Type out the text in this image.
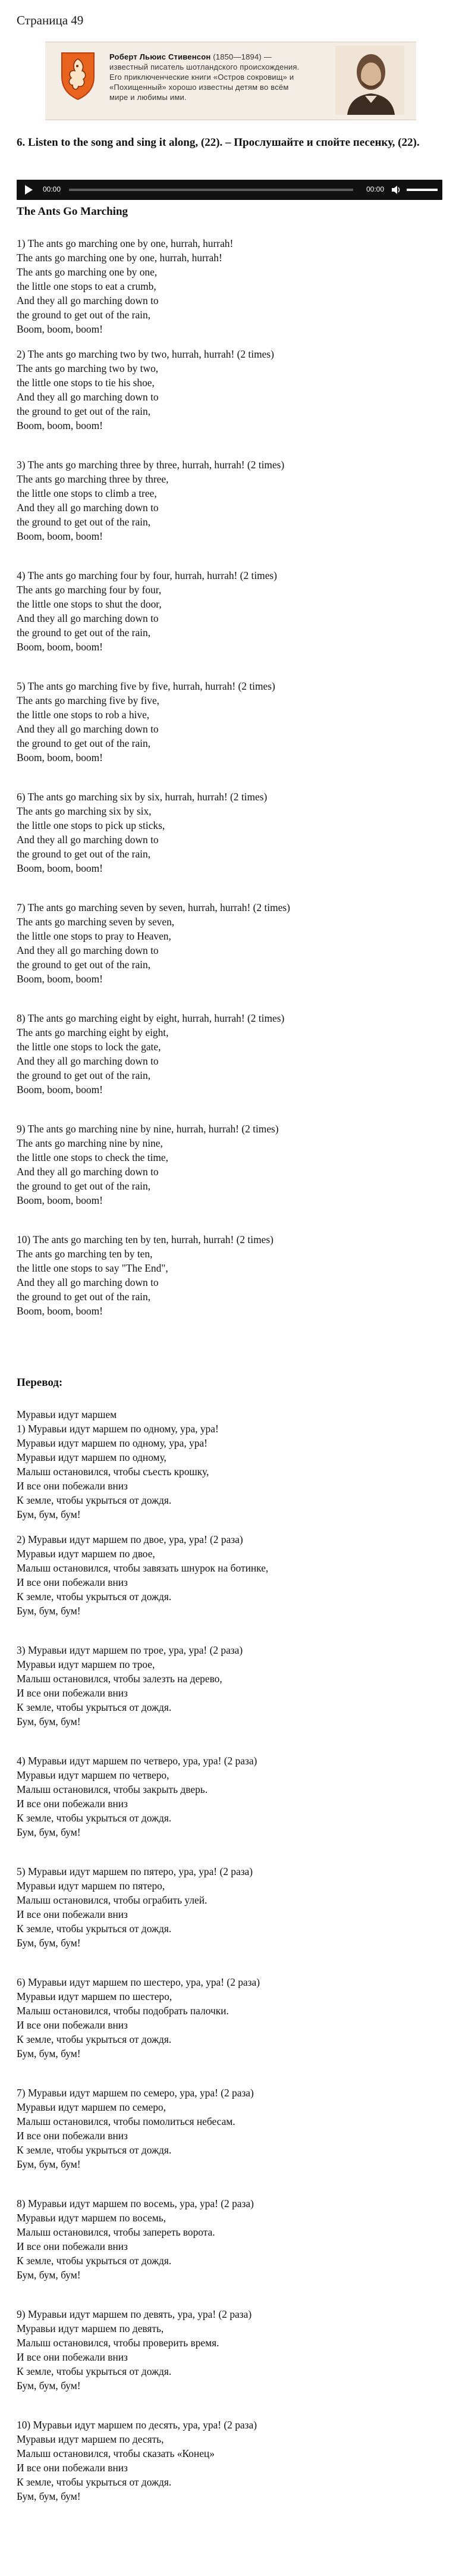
Страница 49
Роберт Льюис Стивенсон (1850—1894) — известный писатель шотландского происхождения. Его приключенческие книги «Остров сокровищ» и «Похищенный» хорошо известны детям во всём мире и любимы ими.
6. Listen to the song and sing it along, (22). – Прослушайте и спойте песенку, (22).
00:00	00:00
The Ants Go Marching
1) The ants go marching one by one, hurrah, hurrah!
The ants go marching one by one, hurrah, hurrah!
The ants go marching one by one,
the little one stops to eat a crumb,
And they all go marching down to
the ground to get out of the rain,
Boom, boom, boom!
2) The ants go marching two by two, hurrah, hurrah! (2 times)
The ants go marching two by two,
the little one stops to tie his shoe,
And they all go marching down to
the ground to get out of the rain,
Boom, boom, boom!
3) The ants go marching three by three, hurrah, hurrah! (2 times)
The ants go marching three by three,
the little one stops to climb a tree,
And they all go marching down to
the ground to get out of the rain,
Boom, boom, boom!
4) The ants go marching four by four, hurrah, hurrah! (2 times)
The ants go marching four by four,
the little one stops to shut the door,
And they all go marching down to
the ground to get out of the rain,
Boom, boom, boom!
5) The ants go marching five by five, hurrah, hurrah! (2 times)
The ants go marching five by five,
the little one stops to rob a hive,
And they all go marching down to
the ground to get out of the rain,
Boom, boom, boom!
6) The ants go marching six by six, hurrah, hurrah! (2 times)
The ants go marching six by six,
the little one stops to pick up sticks,
And they all go marching down to
the ground to get out of the rain,
Boom, boom, boom!
7) The ants go marching seven by seven, hurrah, hurrah! (2 times)
The ants go marching seven by seven,
the little one stops to pray to Heaven,
And they all go marching down to
the ground to get out of the rain,
Boom, boom, boom!
8) The ants go marching eight by eight, hurrah, hurrah! (2 times)
The ants go marching eight by eight,
the little one stops to lock the gate,
And they all go marching down to
the ground to get out of the rain,
Boom, boom, boom!
9) The ants go marching nine by nine, hurrah, hurrah! (2 times)
The ants go marching nine by nine,
the little one stops to check the time,
And they all go marching down to
the ground to get out of the rain,
Boom, boom, boom!
10) The ants go marching ten by ten, hurrah, hurrah! (2 times)
The ants go marching ten by ten,
the little one stops to say "The End",
And they all go marching down to
the ground to get out of the rain,
Boom, boom, boom!
Перевод:
Муравьи идут маршем
1) Муравьи идут маршем по одному, ура, ура!
Муравьи идут маршем по одному, ура, ура!
Муравьи идут маршем по одному,
Малыш остановился, чтобы съесть крошку,
И все они побежали вниз
К земле, чтобы укрыться от дождя.
Бум, бум, бум!
2) Муравьи идут маршем по двое, ура, ура! (2 раза)
Муравьи идут маршем по двое,
Малыш остановился, чтобы завязать шнурок на ботинке,
И все они побежали вниз
К земле, чтобы укрыться от дождя.
Бум, бум, бум!
3) Муравьи идут маршем по трое, ура, ура! (2 раза)
Муравьи идут маршем по трое,
Малыш остановился, чтобы залезть на дерево,
И все они побежали вниз
К земле, чтобы укрыться от дождя.
Бум, бум, бум!
4) Муравьи идут маршем по четверо, ура, ура! (2 раза)
Муравьи идут маршем по четверо,
Малыш остановился, чтобы закрыть дверь.
И все они побежали вниз
К земле, чтобы укрыться от дождя.
Бум, бум, бум!
5) Муравьи идут маршем по пятеро, ура, ура! (2 раза)
Муравьи идут маршем по пятеро,
Малыш остановился, чтобы ограбить улей.
И все они побежали вниз
К земле, чтобы укрыться от дождя.
Бум, бум, бум!
6) Муравьи идут маршем по шестеро, ура, ура! (2 раза)
Муравьи идут маршем по шестеро,
Малыш остановился, чтобы подобрать палочки.
И все они побежали вниз
К земле, чтобы укрыться от дождя.
Бум, бум, бум!
7) Муравьи идут маршем по семеро, ура, ура! (2 раза)
Муравьи идут маршем по семеро,
Малыш остановился, чтобы помолиться небесам.
И все они побежали вниз
К земле, чтобы укрыться от дождя.
Бум, бум, бум!
8) Муравьи идут маршем по восемь, ура, ура! (2 раза)
Муравьи идут маршем по восемь,
Малыш остановился, чтобы запереть ворота.
И все они побежали вниз
К земле, чтобы укрыться от дождя.
Бум, бум, бум!
9) Муравьи идут маршем по девять, ура, ура! (2 раза)
Муравьи идут маршем по девять,
Малыш остановился, чтобы проверить время.
И все они побежали вниз
К земле, чтобы укрыться от дождя.
Бум, бум, бум!
10) Муравьи идут маршем по десять, ура, ура! (2 раза)
Муравьи идут маршем по десять,
Малыш остановился, чтобы сказать «Конец»
И все они побежали вниз
К земле, чтобы укрыться от дождя.
Бум, бум, бум!
